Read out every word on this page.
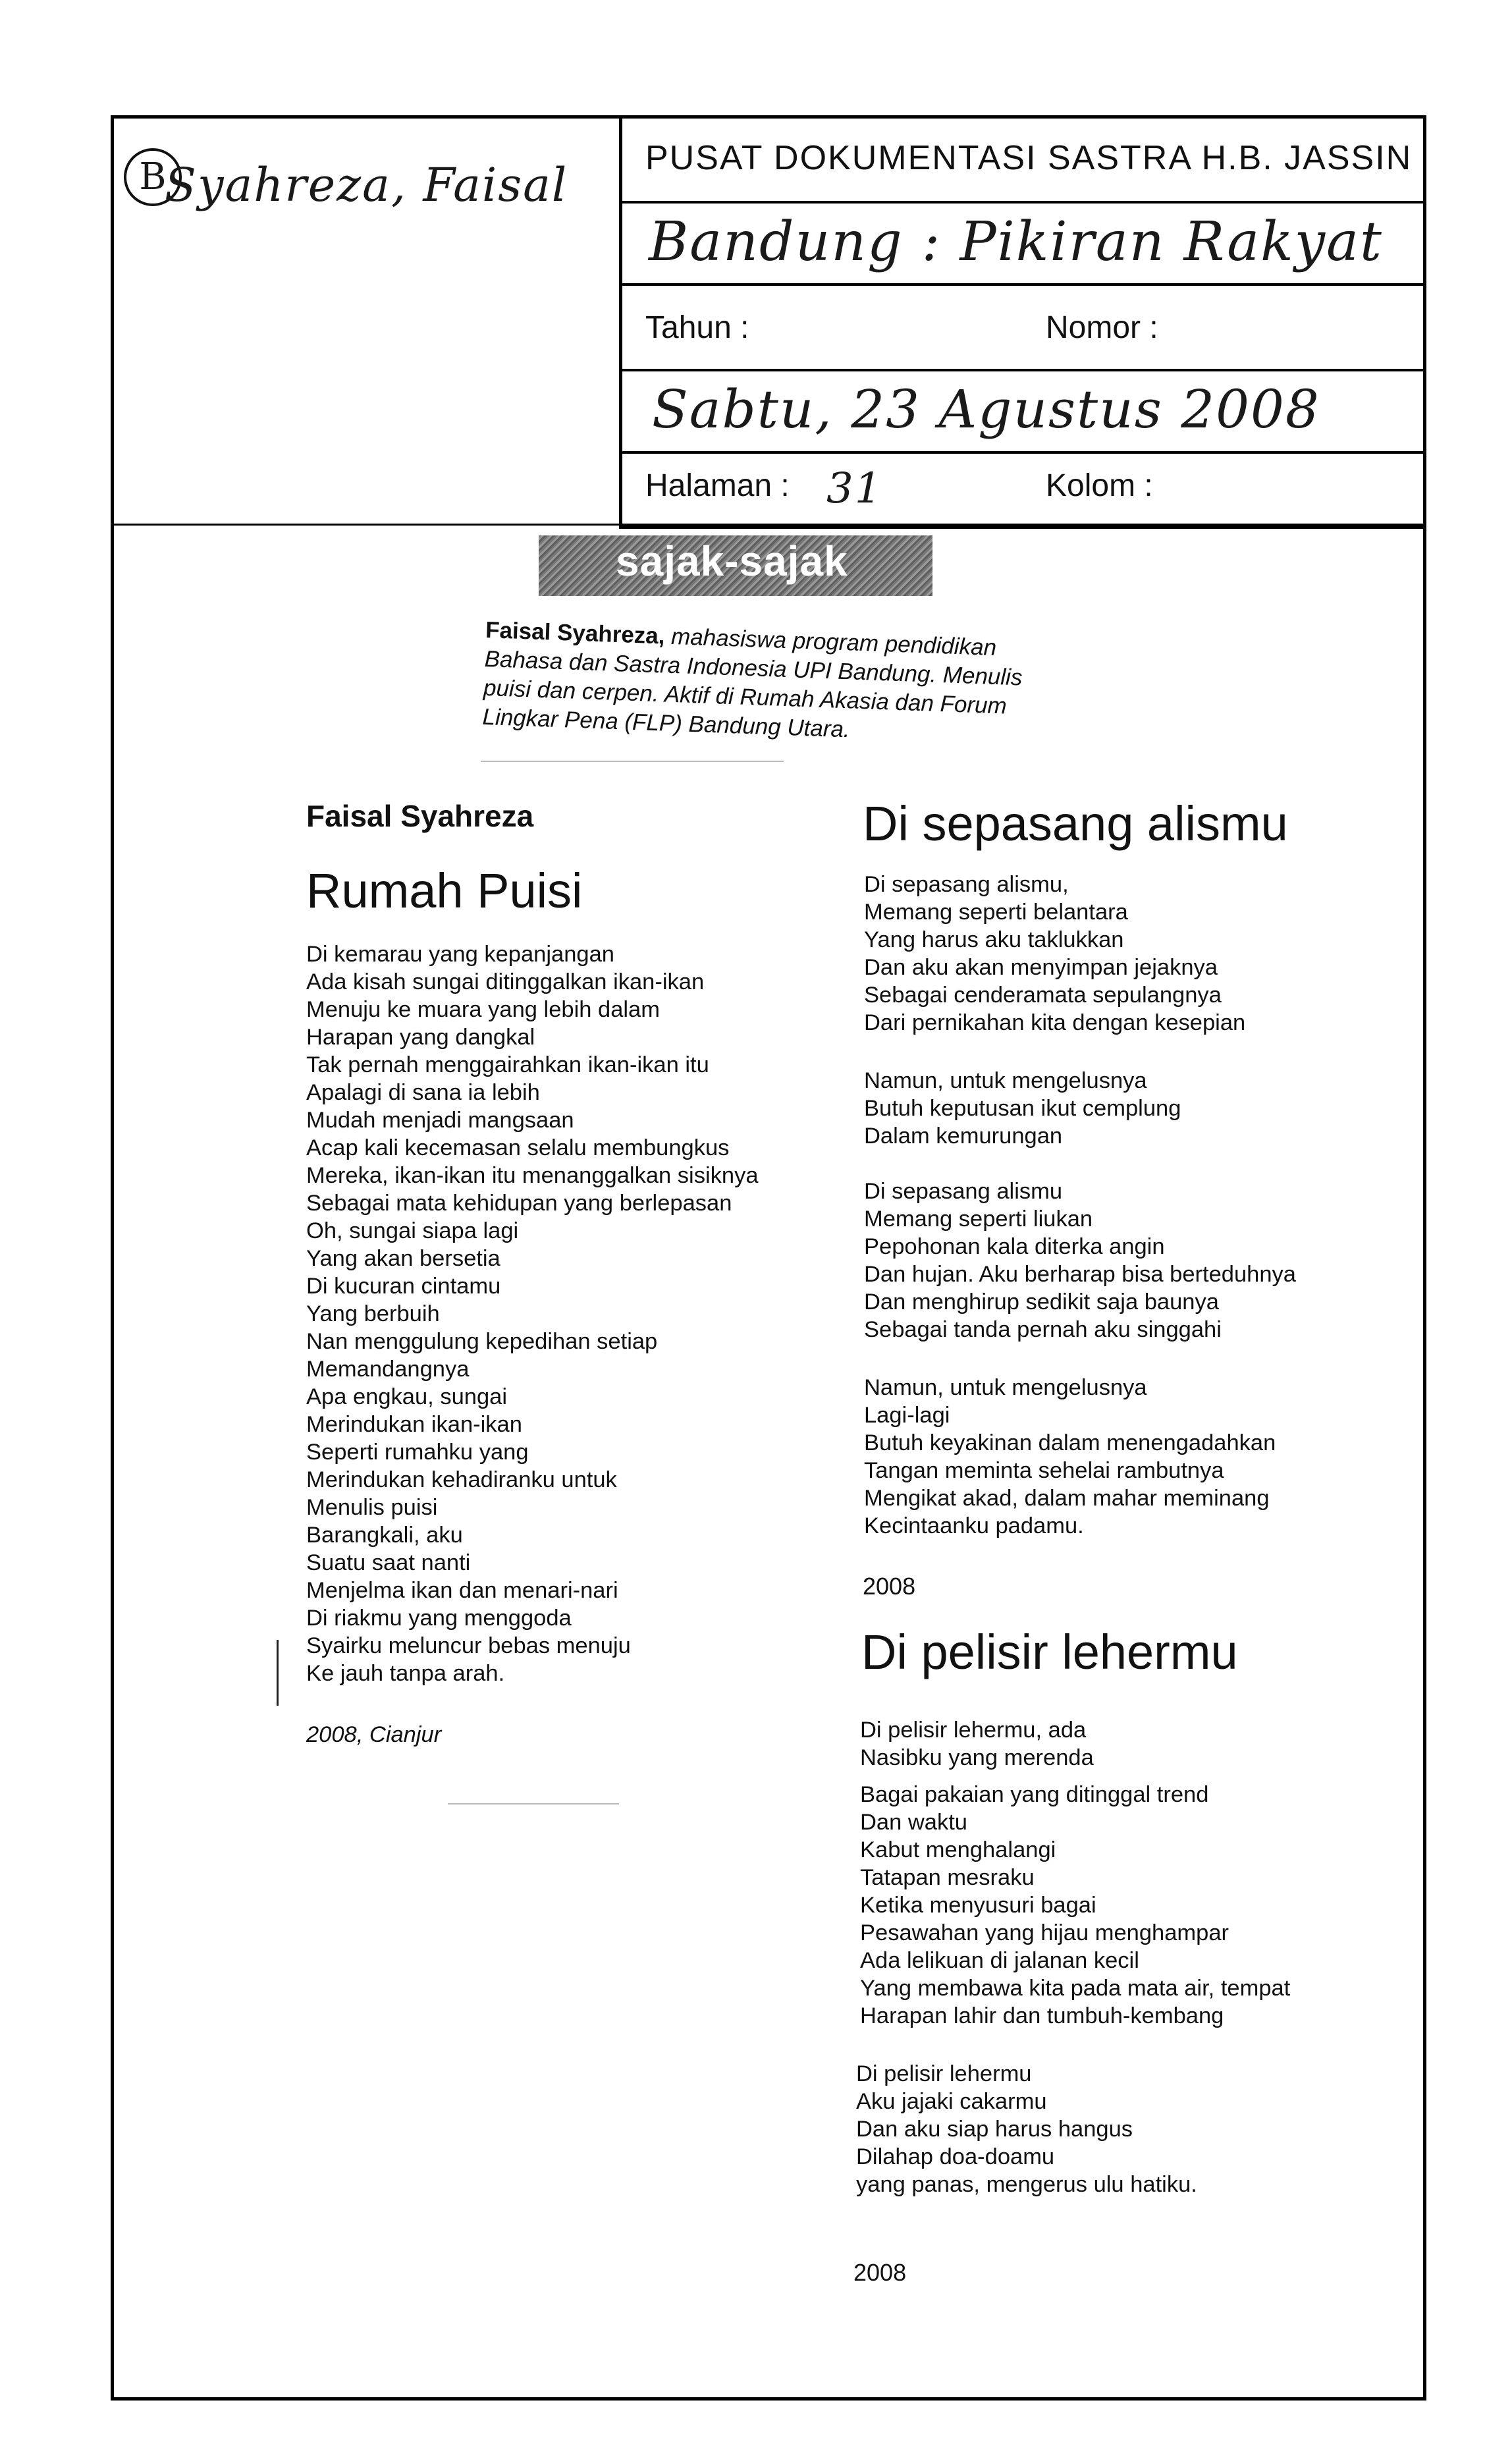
B
Syahreza, Faisal PUSAT DOKUMENTASI SASTRA H.B. JASSIN
Bandung : Pikiran Rakyat
Tahun :	Nomor :
Sabtu, 23 Agustus 2008
Halaman : 31	Kolom :
sajak-sajak
Faisal Syahreza, mahasiswa program pendidikan Bahasa dan Sastra Indonesia UPI Bandung. Menulis puisi dan cerpen. Aktif di Rumah Akasia dan Forum Lingkar Pena (FLP) Bandung Utara.
Faisal Syahreza
Rumah Puisi
Di kemarau yang kepanjangan
Ada kisah sungai ditinggalkan ikan-ikan
Menuju ke muara yang lebih dalam
Harapan yang dangkal
Tak pernah menggairahkan ikan-ikan itu
Apalagi di sana ia lebih
Mudah menjadi mangsaan
Acap kali kecemasan selalu membungkus
Mereka, ikan-ikan itu menanggalkan sisiknya
Sebagai mata kehidupan yang berlepasan
Oh, sungai siapa lagi
Yang akan bersetia
Di kucuran cintamu
Yang berbuih
Nan menggulung kepedihan setiap
Memandangnya
Apa engkau, sungai
Merindukan ikan-ikan
Seperti rumahku yang
Merindukan kehadiranku untuk
Menulis puisi
Barangkali, aku
Suatu saat nanti
Menjelma ikan dan menari-nari
Di riakmu yang menggoda
Syairku meluncur bebas menuju
Ke jauh tanpa arah.
2008, Cianjur
Di sepasang alismu
Di sepasang alismu,
Memang seperti belantara
Yang harus aku taklukkan
Dan aku akan menyimpan jejaknya
Sebagai cenderamata sepulangnya
Dari pernikahan kita dengan kesepian
Namun, untuk mengelusnya
Butuh keputusan ikut cemplung
Dalam kemurungan
Di sepasang alismu
Memang seperti liukan
Pepohonan kala diterka angin
Dan hujan. Aku berharap bisa berteduhnya
Dan menghirup sedikit saja baunya
Sebagai tanda pernah aku singgahi
Namun, untuk mengelusnya
Lagi-lagi
Butuh keyakinan dalam menengadahkan
Tangan meminta sehelai rambutnya
Mengikat akad, dalam mahar meminang
Kecintaanku padamu.
2008
Di pelisir lehermu
Di pelisir lehermu, ada
Nasibku yang merenda
Bagai pakaian yang ditinggal trend
Dan waktu
Kabut menghalangi
Tatapan mesraku
Ketika menyusuri bagai
Pesawahan yang hijau menghampar
Ada lelikuan di jalanan kecil
Yang membawa kita pada mata air, tempat
Harapan lahir dan tumbuh-kembang
Di pelisir lehermu
Aku jajaki cakarmu
Dan aku siap harus hangus
Dilahap doa-doamu
yang panas, mengerus ulu hatiku.
2008
